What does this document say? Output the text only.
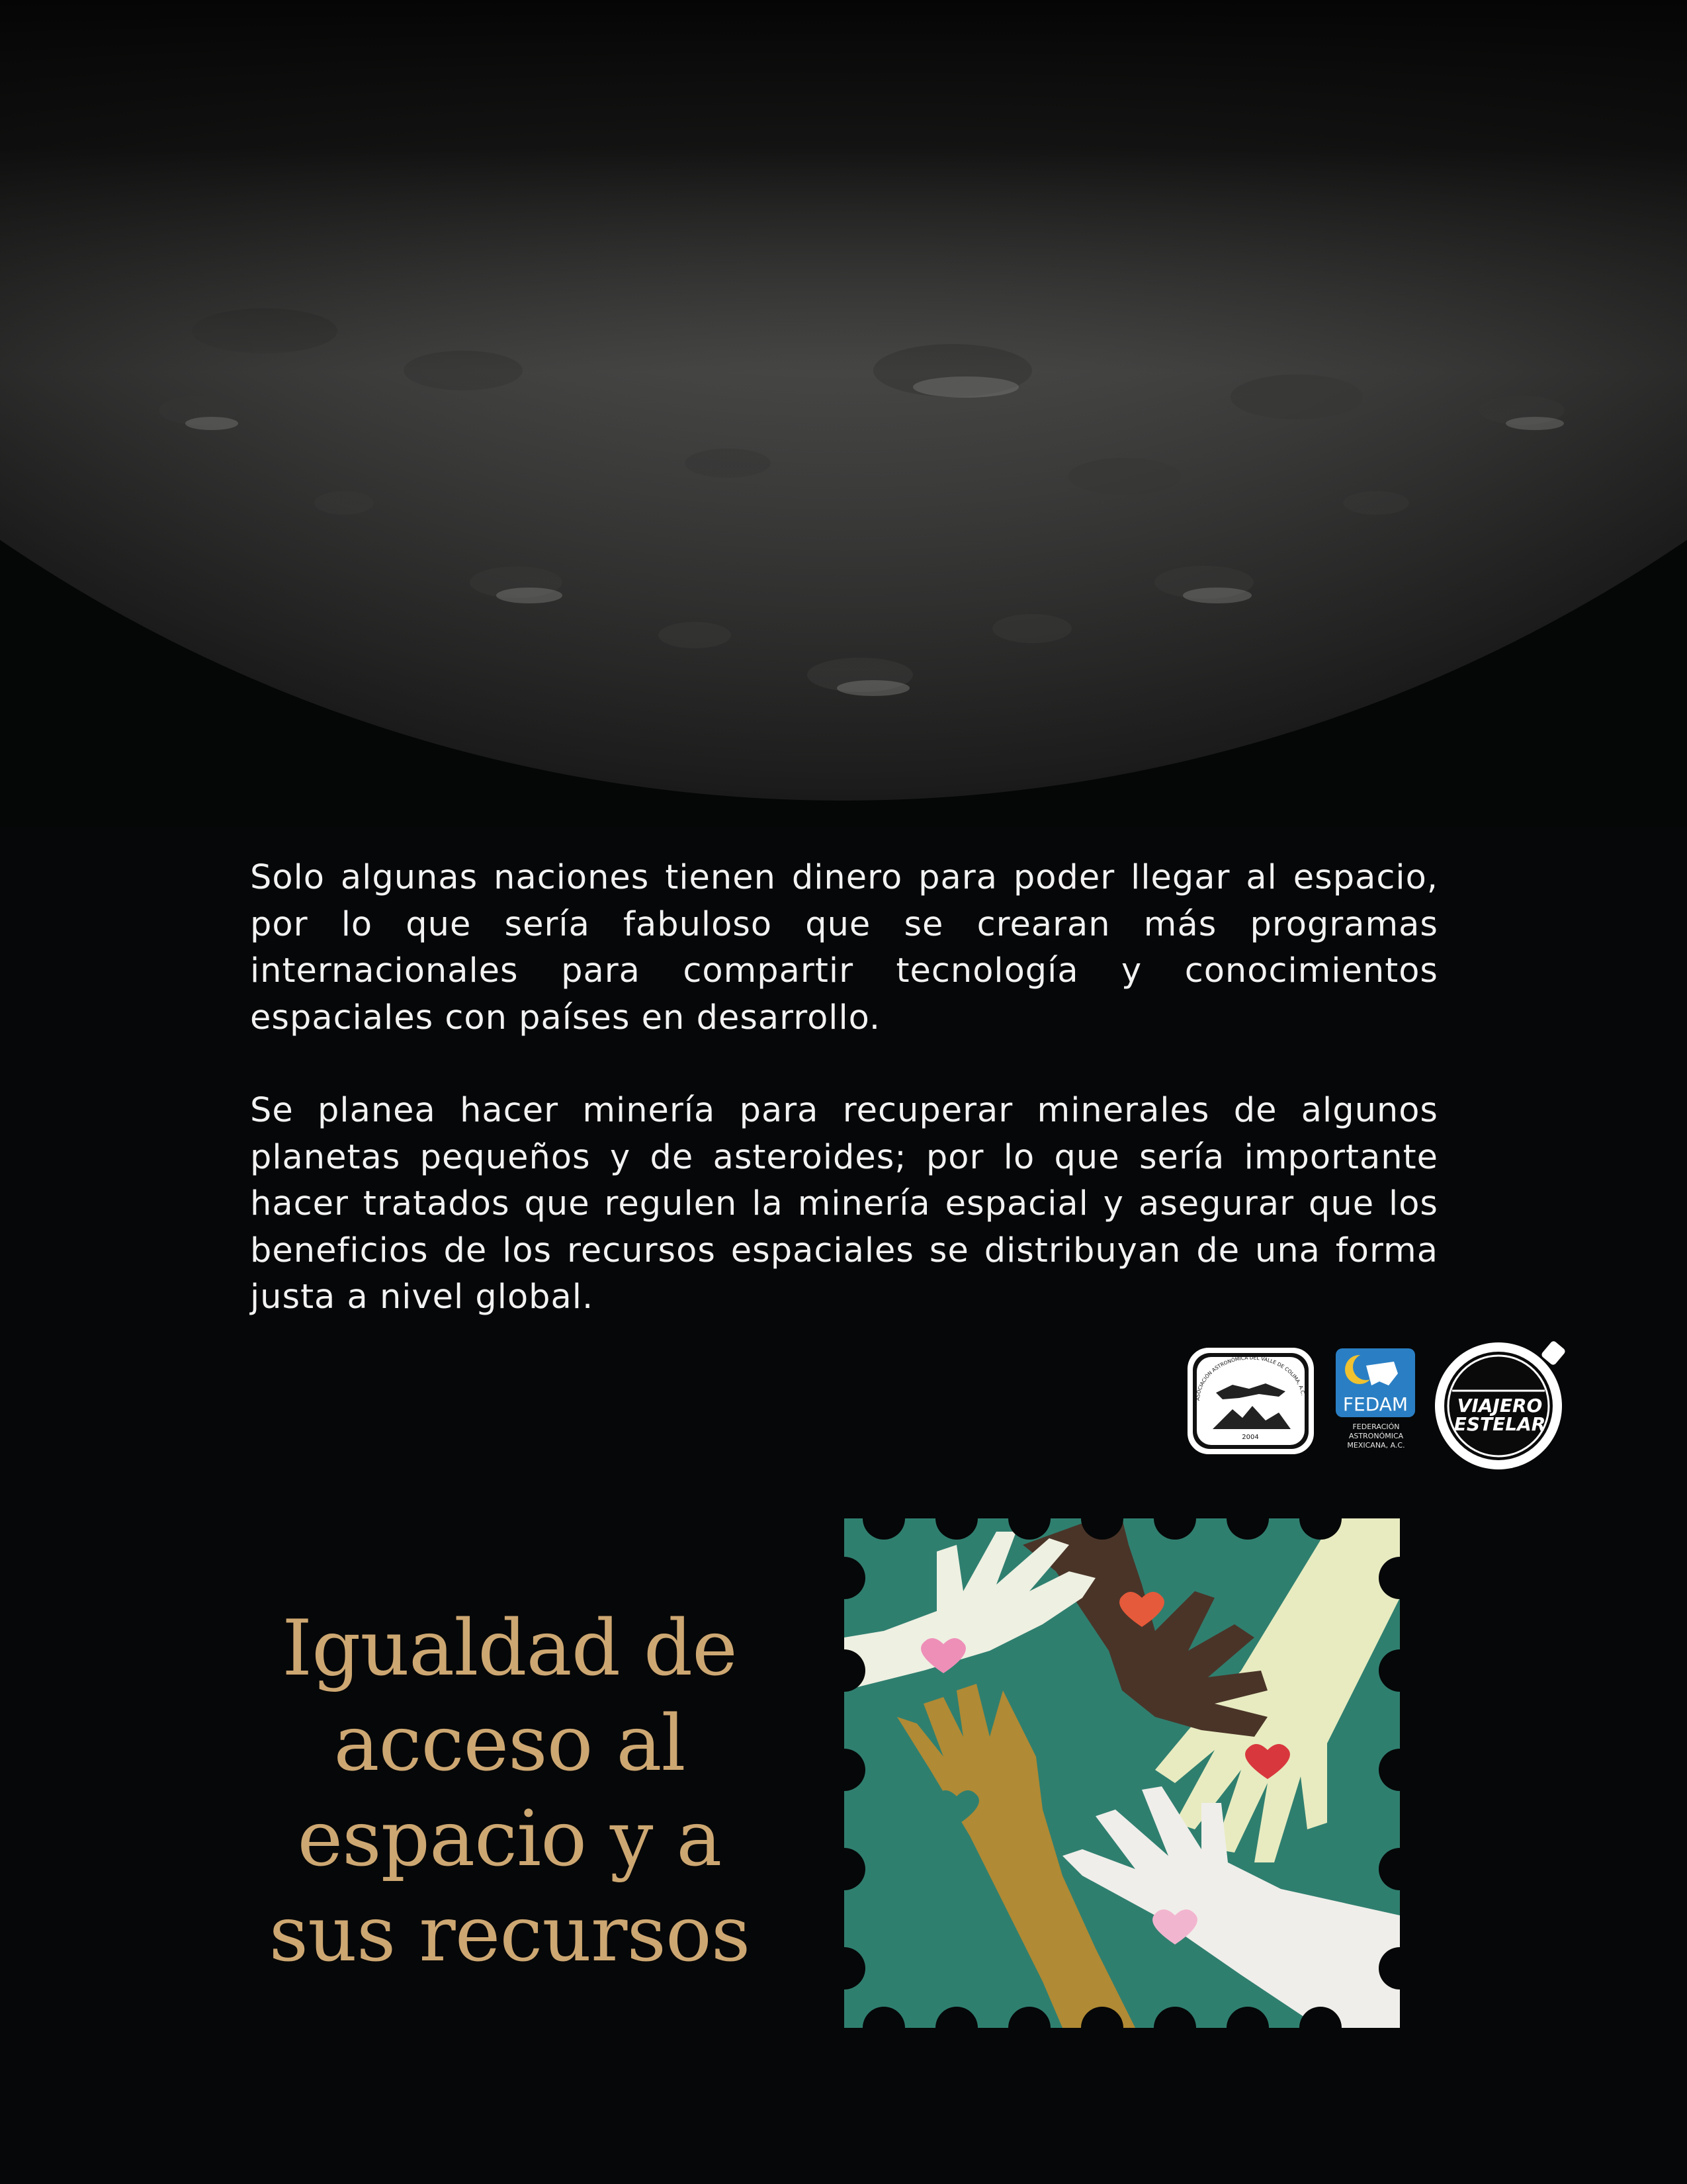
Solo algunas naciones tienen dinero para poder llegar al espacio, por lo que sería fabuloso que se crearan más programas internacionales para compartir tecnología y conocimientos espaciales con países en desarrollo.

Se planea hacer minería para recuperar minerales de algunos planetas pequeños y de asteroides; por lo que sería importante hacer tratados que regulen la minería espacial y asegurar que los beneficios de los recursos espaciales se distribuyan de una forma justa a nivel global.

ASOCIACIÓN ASTRONÓMICA DEL VALLE DE COLIMA, A.C.
2004
FEDAM
FEDERACIÓN
ASTRONÓMICA
MEXICANA, A.C.
VIAJERO
ESTELAR
Igualdad de
acceso al
espacio y a
sus recursos
